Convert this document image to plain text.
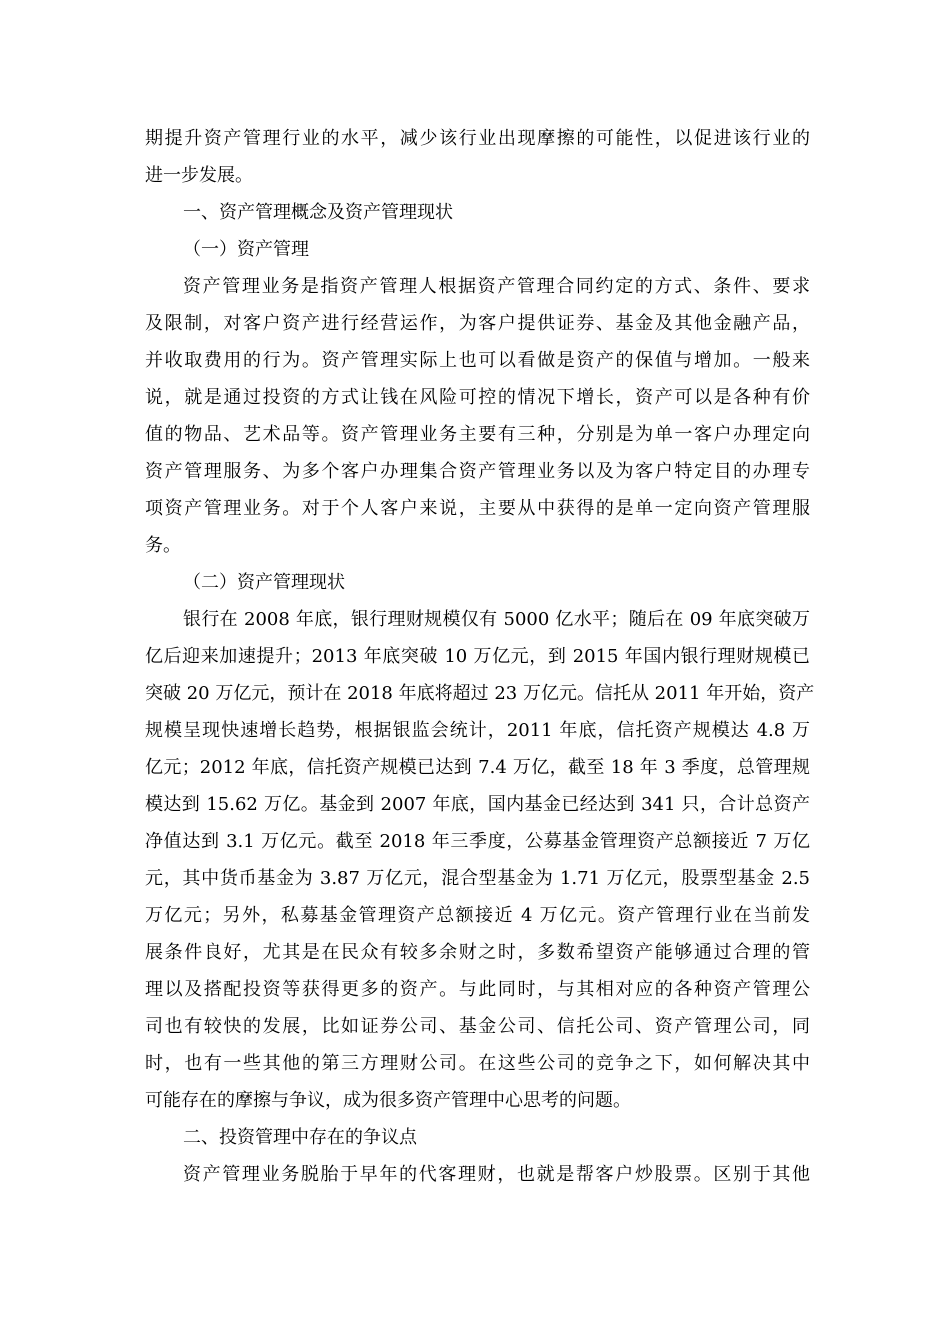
期提升资产管理行业的水平，减少该行业出现摩擦的可能性，以促进该行业的
进一步发展。
一、资产管理概念及资产管理现状
（一）资产管理
资产管理业务是指资产管理人根据资产管理合同约定的方式、条件、要求
及限制，对客户资产进行经营运作，为客户提供证券、基金及其他金融产品，
并收取费用的行为。资产管理实际上也可以看做是资产的保值与增加。一般来
说，就是通过投资的方式让钱在风险可控的情况下增长，资产可以是各种有价
值的物品、艺术品等。资产管理业务主要有三种，分别是为单一客户办理定向
资产管理服务、为多个客户办理集合资产管理业务以及为客户特定目的办理专
项资产管理业务。对于个人客户来说，主要从中获得的是单一定向资产管理服
务。
（二）资产管理现状
银行在 2008 年底，银行理财规模仅有 5000 亿水平；随后在 09 年底突破万
亿后迎来加速提升；2013 年底突破 10 万亿元，到 2015 年国内银行理财规模已
突破 20 万亿元，预计在 2018 年底将超过 23 万亿元。信托从 2011 年开始，资产
规模呈现快速增长趋势，根据银监会统计，2011 年底，信托资产规模达 4.8 万
亿元；2012 年底，信托资产规模已达到 7.4 万亿，截至 18 年 3 季度，总管理规
模达到 15.62 万亿。基金到 2007 年底，国内基金已经达到 341 只，合计总资产
净值达到 3.1 万亿元。截至 2018 年三季度，公募基金管理资产总额接近 7 万亿
元，其中货币基金为 3.87 万亿元，混合型基金为 1.71 万亿元，股票型基金 2.5
万亿元；另外，私募基金管理资产总额接近 4 万亿元。资产管理行业在当前发
展条件良好，尤其是在民众有较多余财之时，多数希望资产能够通过合理的管
理以及搭配投资等获得更多的资产。与此同时，与其相对应的各种资产管理公
司也有较快的发展，比如证券公司、基金公司、信托公司、资产管理公司，同
时，也有一些其他的第三方理财公司。在这些公司的竞争之下，如何解决其中
可能存在的摩擦与争议，成为很多资产管理中心思考的问题。
二、投资管理中存在的争议点
资产管理业务脱胎于早年的代客理财，也就是帮客户炒股票。区别于其他
